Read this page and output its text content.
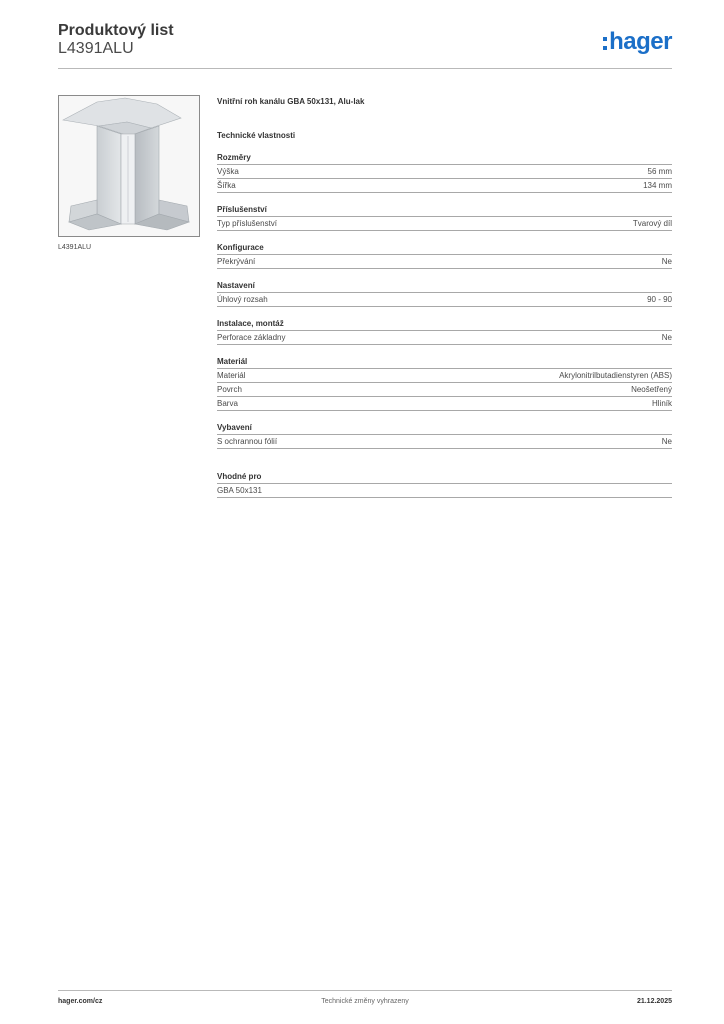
Produktový list
L4391ALU	hager
L4391ALU
Vnitřní roh kanálu GBA 50x131, Alu-lak
Technické vlastnosti
Rozměry
Výška	56 mm
Šířka	134 mm
Příslušenství
Typ příslušenství	Tvarový díl
Konfigurace
Překrývání	Ne
Nastavení
Úhlový rozsah	90 - 90
Instalace, montáž
Perforace základny	Ne
Materiál
Materiál	Akrylonitrilbutadienstyren (ABS)
Povrch	Neošetřený
Barva	Hliník
Vybavení
S ochrannou fólií	Ne
Vhodné pro
GBA 50x131
hager.com/cz	Technické změny vyhrazeny	21.12.2025
